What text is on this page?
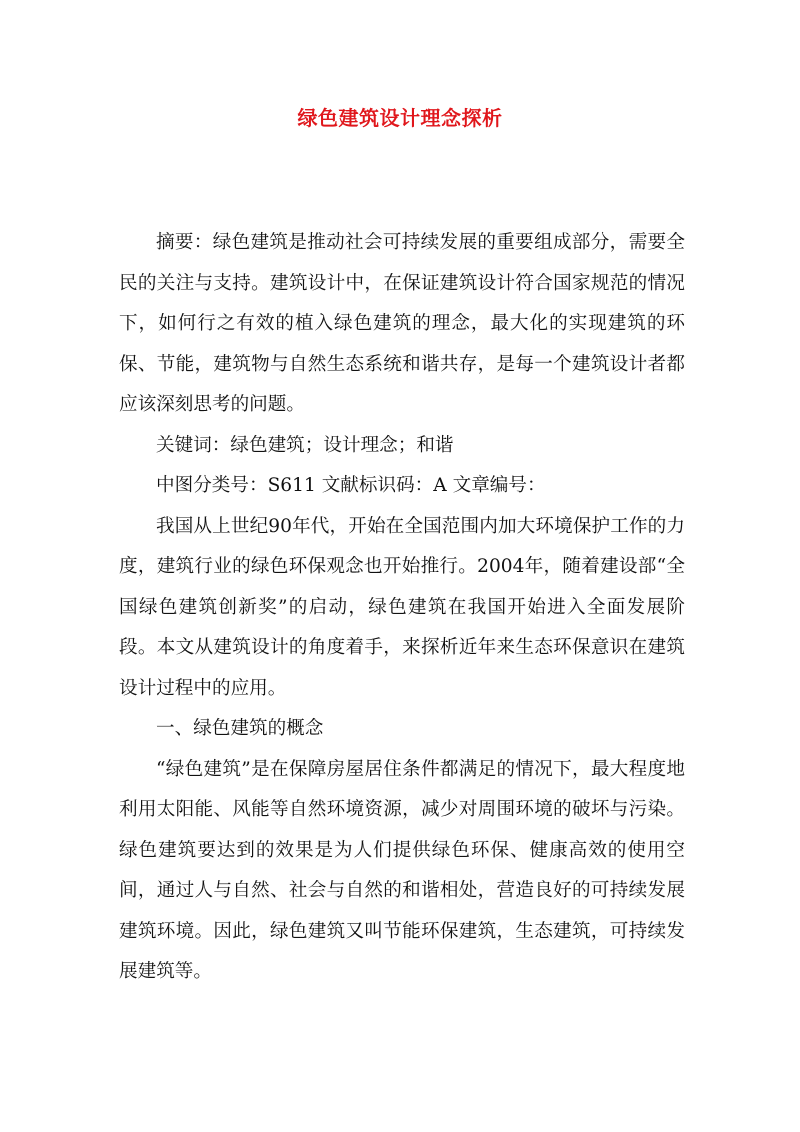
绿色建筑设计理念探析

摘要：绿色建筑是推动社会可持续发展的重要组成部分，需要全民的关注与支持。建筑设计中，在保证建筑设计符合国家规范的情况下，如何行之有效的植入绿色建筑的理念，最大化的实现建筑的环保、节能，建筑物与自然生态系统和谐共存，是每一个建筑设计者都应该深刻思考的问题。

关键词：绿色建筑；设计理念；和谐

中图分类号：S611 文献标识码：A 文章编号：

我国从上世纪90年代，开始在全国范围内加大环境保护工作的力度，建筑行业的绿色环保观念也开始推行。2004年，随着建设部“全国绿色建筑创新奖”的启动，绿色建筑在我国开始进入全面发展阶段。本文从建筑设计的角度着手，来探析近年来生态环保意识在建筑设计过程中的应用。

一、绿色建筑的概念

“绿色建筑”是在保障房屋居住条件都满足的情况下，最大程度地利用太阳能、风能等自然环境资源，减少对周围环境的破坏与污染。绿色建筑要达到的效果是为人们提供绿色环保、健康高效的使用空间，通过人与自然、社会与自然的和谐相处，营造良好的可持续发展建筑环境。因此，绿色建筑又叫节能环保建筑，生态建筑，可持续发展建筑等。
